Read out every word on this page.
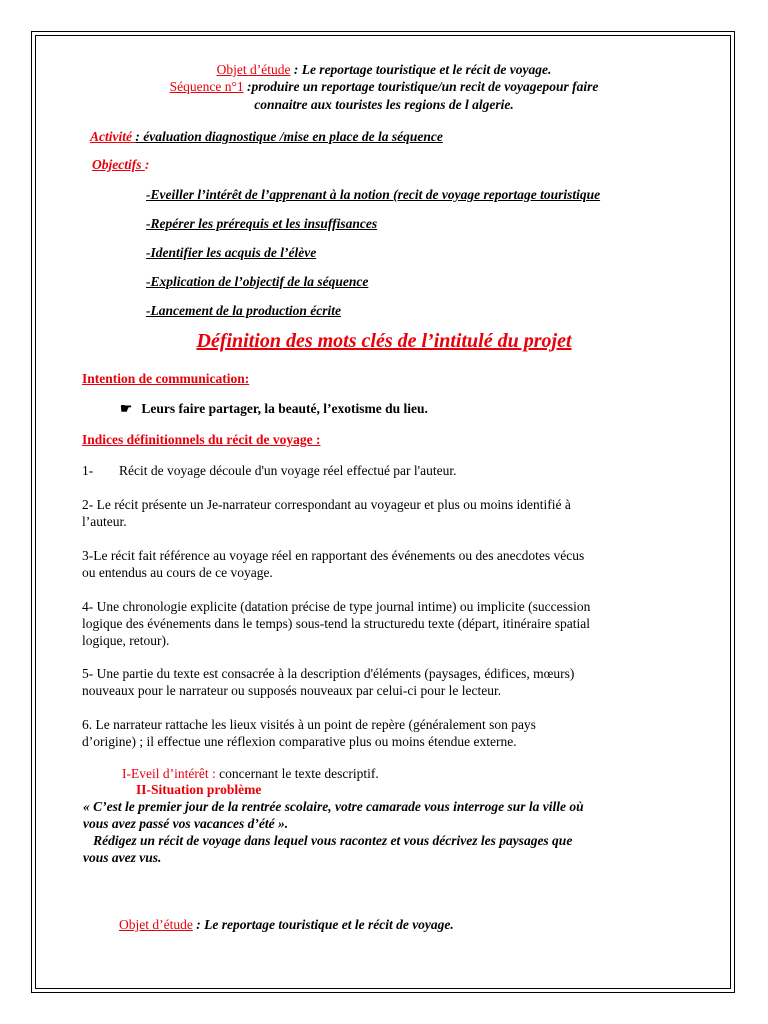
Objet d’étude : Le reportage touristique et le récit de voyage.
Séquence n°1 :produire un reportage touristique/un recit de voyagepour faire
connaitre aux touristes les regions de l algerie.
Activité : évaluation diagnostique /mise en place de la séquence
Objectifs :
-Eveiller l’intérêt de l’apprenant à la notion (recit de voyage reportage touristique
-Repérer les prérequis et les insuffisances
-Identifier les acquis de l’élève
-Explication de l’objectif de la séquence
-Lancement de la production écrite
Définition des mots clés de l’intitulé du projet
Intention de communication:
☛ Leurs faire partager, la beauté, l’exotisme du lieu.
Indices définitionnels du récit de voyage :
1- Récit de voyage découle d'un voyage réel effectué par l'auteur.
2- Le récit présente un Je-narrateur correspondant au voyageur et plus ou moins identifié à
l’auteur.
3-Le récit fait référence au voyage réel en rapportant des événements ou des anecdotes vécus
ou entendus au cours de ce voyage.
4- Une chronologie explicite (datation précise de type journal intime) ou implicite (succession
logique des événements dans le temps) sous-tend la structuredu texte (départ, itinéraire spatial
logique, retour).
5- Une partie du texte est consacrée à la description d'éléments (paysages, édifices, mœurs)
nouveaux pour le narrateur ou supposés nouveaux par celui-ci pour le lecteur.
6. Le narrateur rattache les lieux visités à un point de repère (généralement son pays
d’origine) ; il effectue une réflexion comparative plus ou moins étendue externe.
I-Eveil d’intérêt : concernant le texte descriptif.
II-Situation problème
« C’est le premier jour de la rentrée scolaire, votre camarade vous interroge sur la ville où
vous avez passé vos vacances d’été ».
Rédigez un récit de voyage dans lequel vous racontez et vous décrivez les paysages que
vous avez vus.
Objet d’étude : Le reportage touristique et le récit de voyage.
